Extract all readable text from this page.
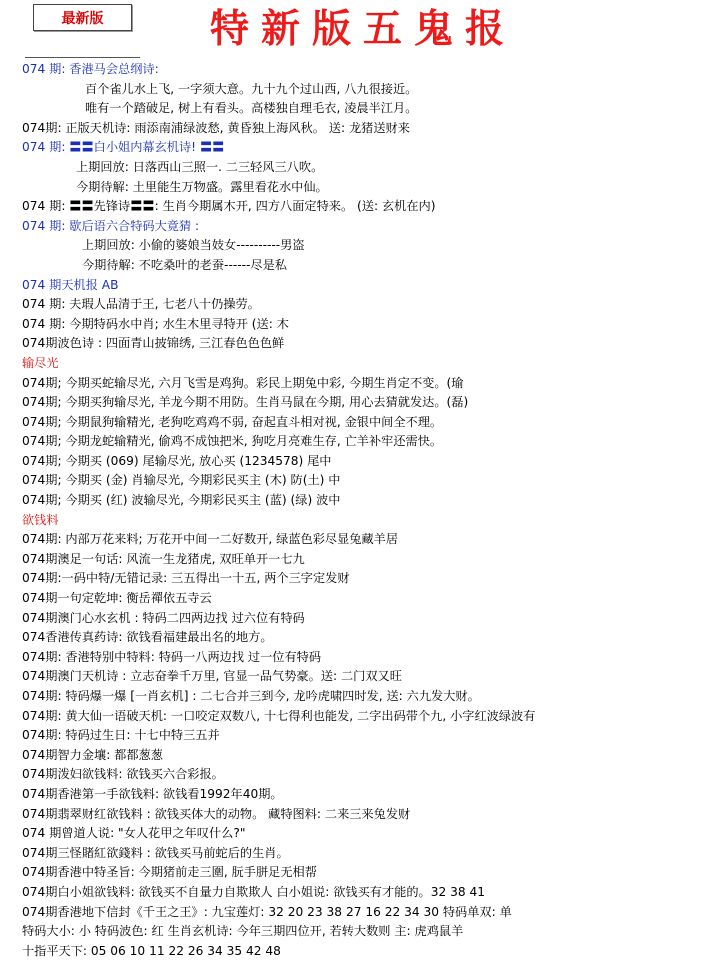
最新版	特新版五鬼报
074 期: 香港马会总纲诗:
百个雀儿水上飞, 一字须大意。九十九个过山西, 八九很接近。
唯有一个踏破足, 树上有看头。高楼独自理毛衣, 凌晨半江月。
074期: 正版天机诗: 雨添南浦绿波愁, 黄昏独上海风秋。 送: 龙猪送财来
074 期: 〓〓白小姐内幕玄机诗! 〓〓
上期回放: 日落西山三照一. 二三轻风三八吹。
今期待解: 土里能生万物盛。露里看花水中仙。
074 期: 〓〓先锋诗〓〓: 生肖今期属木开, 四方八面定特来。 (送: 玄机在内)
074 期: 歇后语六合特码大竟猜 :
上期回放: 小偷的婆娘当妓女----------男盗
今期待解: 不吃桑叶的老蚕------尽是私
074 期天机报 AB
074 期: 夫瑕人品清于王, 七老八十仍操劳。
074 期: 今期特码水中肖; 水生木里寻特开 (送: 木
074期波色诗 : 四面青山披锦绣, 三江春色色色鲜
输尽光
074期; 今期买蛇输尽光, 六月飞雪是鸡狗。彩民上期兔中彩, 今期生肖定不变。(瑜
074期; 今期买狗输尽光, 羊龙今期不用防。生肖马鼠在今期, 用心去猜就发达。(磊)
074期; 今期鼠狗输精光, 老狗吃鸡鸡不弱, 奋起直斗相对视, 金银中间全不理。
074期; 今期龙蛇输精光, 偷鸡不成蚀把米, 狗吃月亮难生存, 亡羊补牢还需快。
074期; 今期买 (069) 尾输尽光, 放心买 (1234578) 尾中
074期; 今期买 (金) 肖输尽光, 今期彩民买主 (木) 防(土) 中
074期; 今期买 (红) 波输尽光, 今期彩民买主 (蓝) (绿) 波中
欲钱料
074期: 内部万花来料; 万花开中间一二好数开, 绿蓝色彩尽显兔藏羊居
074期澳足一句话: 风流一生龙猪虎, 双旺单开一七九
074期:一码中特/无错记录: 三五得出一十五, 两个三字定发财
074期一句定乾坤: 衡岳禪依五寺云
074期澳门心水玄机 : 特码二四两边找 过六位有特码
074香港传真药诗: 欲钱看福建最出名的地方。
074期: 香港特别中特料: 特码一八两边找 过一位有特码
074期澳门天机诗 : 立志奋拳千万里, 官显一品气势豪。送: 二门双又旺
074期: 特码爆一爆 [一肖玄机] : 二七合并三到今, 龙吟虎啸四时发, 送: 六九发大财。
074期: 黄大仙一语破天机: 一口咬定双数八, 十七得利也能发, 二字出码带个九, 小字红波绿波有
074期: 特码过生日: 十七中特三五并
074期智力金壤: 都都葱葱
074期泼妇欲钱料: 欲钱买六合彩报。
074期香港第一手欲钱料: 欲钱看1992年40期。
074期翡翠财红欲钱料 : 欲钱买体大的动物。 藏特图料: 二来三来兔发财
074 期曾道人说: "女人花甲之年叹什么?"
074期三怪賭紅欲錢料 : 欲钱买马前蛇后的生肖。
074期香港中特圣旨: 今期猪前走三圍, 朊手胼足无相帮
074期白小姐欲钱料: 欲钱买不自量力自欺欺人 白小姐说: 欲钱买有才能的。32 38 41
074期香港地下信封《千王之王》: 九宝莲灯: 32 20 23 38 27 16 22 34 30 特码单双: 单
特码大小: 小 特码波色: 红 生肖玄机诗: 今年三期四位开, 若转大数则 主: 虎鸡鼠羊
十指平天下: 05 06 10 11 22 26 34 35 42 48
